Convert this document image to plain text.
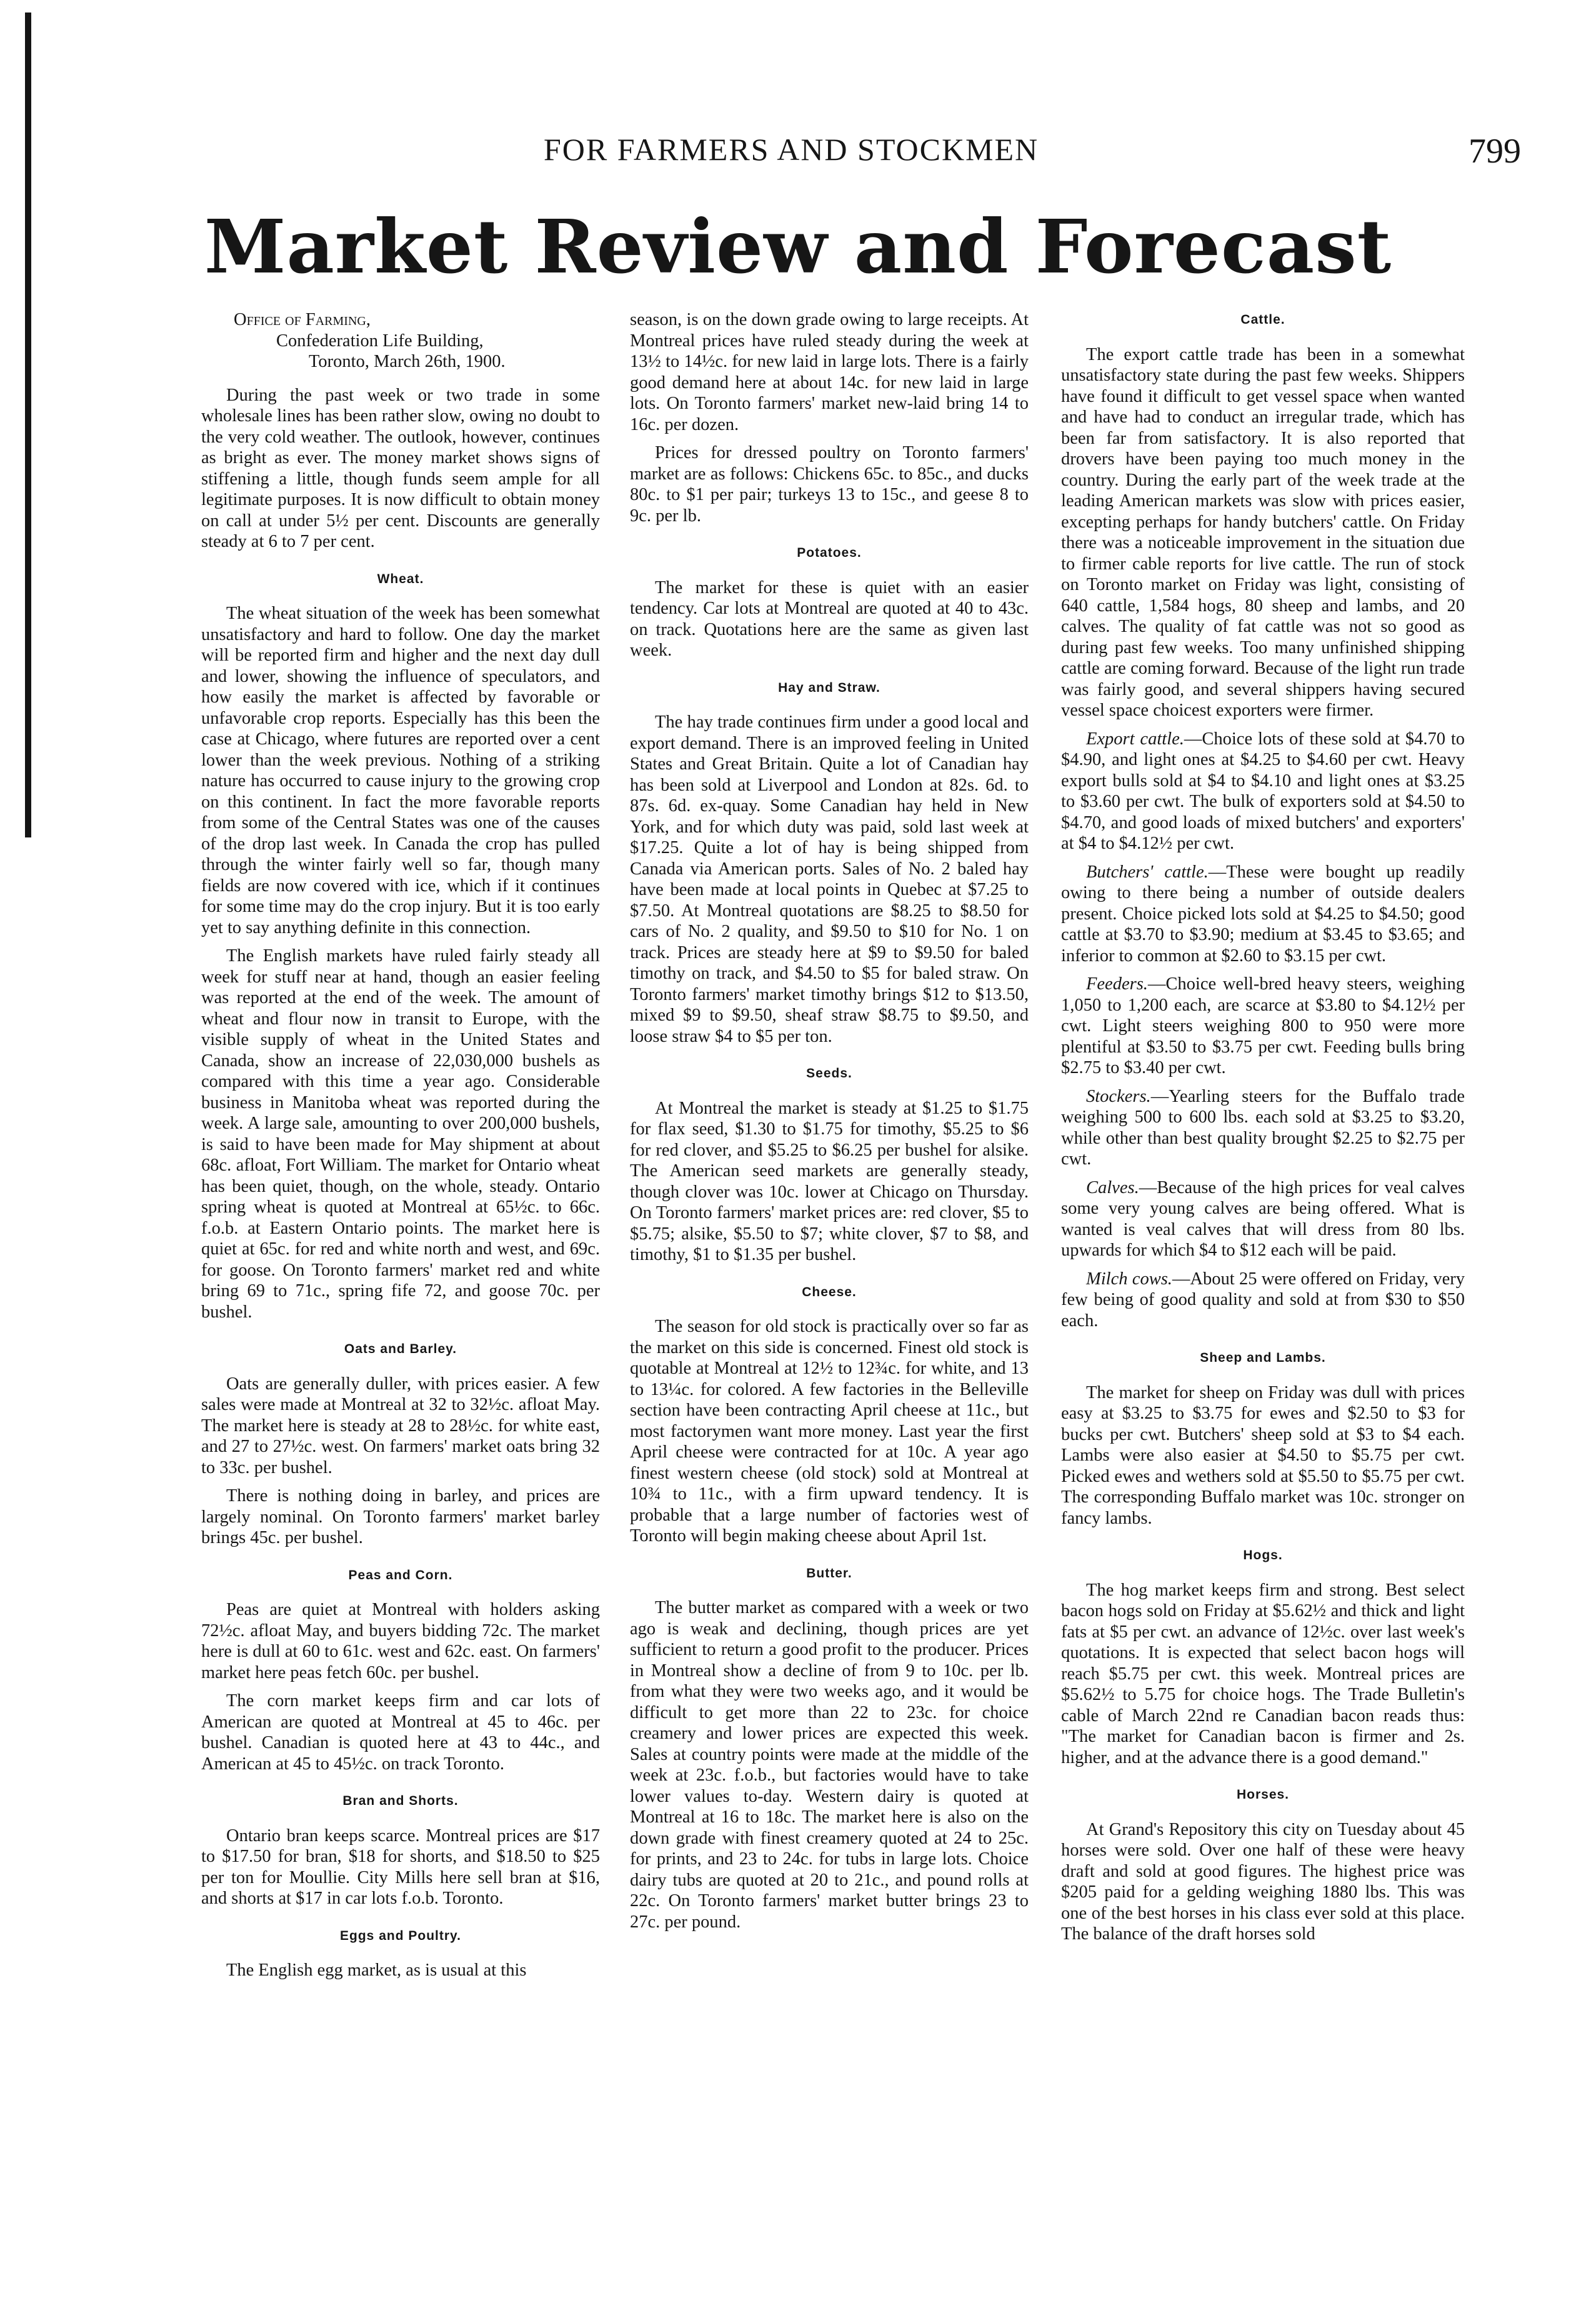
FOR FARMERS AND STOCKMEN	799
Market Review and Forecast
Office of Farming,
Confederation Life Building,
Toronto, March 26th, 1900.

During the past week or two trade in some wholesale lines has been rather slow, owing no doubt to the very cold weather. The outlook, however, continues as bright as ever. The money market shows signs of stiffening a little, though funds seem ample for all legitimate purposes. It is now difficult to obtain money on call at under 5½ per cent. Discounts are generally steady at 6 to 7 per cent.

Wheat.

The wheat situation of the week has been somewhat unsatisfactory and hard to follow. One day the market will be reported firm and higher and the next day dull and lower, showing the influence of speculators, and how easily the market is affected by favorable or unfavorable crop reports. Especially has this been the case at Chicago, where futures are reported over a cent lower than the week previous. Nothing of a striking nature has occurred to cause injury to the growing crop on this continent. In fact the more favorable reports from some of the Central States was one of the causes of the drop last week. In Canada the crop has pulled through the winter fairly well so far, though many fields are now covered with ice, which if it continues for some time may do the crop injury. But it is too early yet to say anything definite in this connection.

The English markets have ruled fairly steady all week for stuff near at hand, though an easier feeling was reported at the end of the week. The amount of wheat and flour now in transit to Europe, with the visible supply of wheat in the United States and Canada, show an increase of 22,030,000 bushels as compared with this time a year ago. Considerable business in Manitoba wheat was reported during the week. A large sale, amounting to over 200,000 bushels, is said to have been made for May shipment at about 68c. afloat, Fort William. The market for Ontario wheat has been quiet, though, on the whole, steady. Ontario spring wheat is quoted at Montreal at 65½c. to 66c. f.o.b. at Eastern Ontario points. The market here is quiet at 65c. for red and white north and west, and 69c. for goose. On Toronto farmers' market red and white bring 69 to 71c., spring fife 72, and goose 70c. per bushel.

Oats and Barley.

Oats are generally duller, with prices easier. A few sales were made at Montreal at 32 to 32½c. afloat May. The market here is steady at 28 to 28½c. for white east, and 27 to 27½c. west. On farmers' market oats bring 32 to 33c. per bushel.

There is nothing doing in barley, and prices are largely nominal. On Toronto farmers' market barley brings 45c. per bushel.

Peas and Corn.

Peas are quiet at Montreal with holders asking 72½c. afloat May, and buyers bidding 72c. The market here is dull at 60 to 61c. west and 62c. east. On farmers' market here peas fetch 60c. per bushel.

The corn market keeps firm and car lots of American are quoted at Montreal at 45 to 46c. per bushel. Canadian is quoted here at 43 to 44c., and American at 45 to 45½c. on track Toronto.

Bran and Shorts.

Ontario bran keeps scarce. Montreal prices are $17 to $17.50 for bran, $18 for shorts, and $18.50 to $25 per ton for Moullie. City Mills here sell bran at $16, and shorts at $17 in car lots f.o.b. Toronto.

Eggs and Poultry.

The English egg market, as is usual at this

season, is on the down grade owing to large receipts. At Montreal prices have ruled steady during the week at 13½ to 14½c. for new laid in large lots. There is a fairly good demand here at about 14c. for new laid in large lots. On Toronto farmers' market new-laid bring 14 to 16c. per dozen.

Prices for dressed poultry on Toronto farmers' market are as follows: Chickens 65c. to 85c., and ducks 80c. to $1 per pair; turkeys 13 to 15c., and geese 8 to 9c. per lb.

Potatoes.

The market for these is quiet with an easier tendency. Car lots at Montreal are quoted at 40 to 43c. on track. Quotations here are the same as given last week.

Hay and Straw.

The hay trade continues firm under a good local and export demand. There is an improved feeling in United States and Great Britain. Quite a lot of Canadian hay has been sold at Liverpool and London at 82s. 6d. to 87s. 6d. ex-quay. Some Canadian hay held in New York, and for which duty was paid, sold last week at $17.25. Quite a lot of hay is being shipped from Canada via American ports. Sales of No. 2 baled hay have been made at local points in Quebec at $7.25 to $7.50. At Montreal quotations are $8.25 to $8.50 for cars of No. 2 quality, and $9.50 to $10 for No. 1 on track. Prices are steady here at $9 to $9.50 for baled timothy on track, and $4.50 to $5 for baled straw. On Toronto farmers' market timothy brings $12 to $13.50, mixed $9 to $9.50, sheaf straw $8.75 to $9.50, and loose straw $4 to $5 per ton.

Seeds.

At Montreal the market is steady at $1.25 to $1.75 for flax seed, $1.30 to $1.75 for timothy, $5.25 to $6 for red clover, and $5.25 to $6.25 per bushel for alsike. The American seed markets are generally steady, though clover was 10c. lower at Chicago on Thursday. On Toronto farmers' market prices are: red clover, $5 to $5.75; alsike, $5.50 to $7; white clover, $7 to $8, and timothy, $1 to $1.35 per bushel.

Cheese.

The season for old stock is practically over so far as the market on this side is concerned. Finest old stock is quotable at Montreal at 12½ to 12¾c. for white, and 13 to 13¼c. for colored. A few factories in the Belleville section have been contracting April cheese at 11c., but most factorymen want more money. Last year the first April cheese were contracted for at 10c. A year ago finest western cheese (old stock) sold at Montreal at 10¾ to 11c., with a firm upward tendency. It is probable that a large number of factories west of Toronto will begin making cheese about April 1st.

Butter.

The butter market as compared with a week or two ago is weak and declining, though prices are yet sufficient to return a good profit to the producer. Prices in Montreal show a decline of from 9 to 10c. per lb. from what they were two weeks ago, and it would be difficult to get more than 22 to 23c. for choice creamery and lower prices are expected this week. Sales at country points were made at the middle of the week at 23c. f.o.b., but factories would have to take lower values to-day. Western dairy is quoted at Montreal at 16 to 18c. The market here is also on the down grade with finest creamery quoted at 24 to 25c. for prints, and 23 to 24c. for tubs in large lots. Choice dairy tubs are quoted at 20 to 21c., and pound rolls at 22c. On Toronto farmers' market butter brings 23 to 27c. per pound.

Cattle.

The export cattle trade has been in a somewhat unsatisfactory state during the past few weeks. Shippers have found it difficult to get vessel space when wanted and have had to conduct an irregular trade, which has been far from satisfactory. It is also reported that drovers have been paying too much money in the country. During the early part of the week trade at the leading American markets was slow with prices easier, excepting perhaps for handy butchers' cattle. On Friday there was a noticeable improvement in the situation due to firmer cable reports for live cattle. The run of stock on Toronto market on Friday was light, consisting of 640 cattle, 1,584 hogs, 80 sheep and lambs, and 20 calves. The quality of fat cattle was not so good as during past few weeks. Too many unfinished shipping cattle are coming forward. Because of the light run trade was fairly good, and several shippers having secured vessel space choicest exporters were firmer.

Export cattle.—Choice lots of these sold at $4.70 to $4.90, and light ones at $4.25 to $4.60 per cwt. Heavy export bulls sold at $4 to $4.10 and light ones at $3.25 to $3.60 per cwt. The bulk of exporters sold at $4.50 to $4.70, and good loads of mixed butchers' and exporters' at $4 to $4.12½ per cwt.

Butchers' cattle.—These were bought up readily owing to there being a number of outside dealers present. Choice picked lots sold at $4.25 to $4.50; good cattle at $3.70 to $3.90; medium at $3.45 to $3.65; and inferior to common at $2.60 to $3.15 per cwt.

Feeders.—Choice well-bred heavy steers, weighing 1,050 to 1,200 each, are scarce at $3.80 to $4.12½ per cwt. Light steers weighing 800 to 950 were more plentiful at $3.50 to $3.75 per cwt. Feeding bulls bring $2.75 to $3.40 per cwt.

Stockers.—Yearling steers for the Buffalo trade weighing 500 to 600 lbs. each sold at $3.25 to $3.20, while other than best quality brought $2.25 to $2.75 per cwt.

Calves.—Because of the high prices for veal calves some very young calves are being offered. What is wanted is veal calves that will dress from 80 lbs. upwards for which $4 to $12 each will be paid.

Milch cows.—About 25 were offered on Friday, very few being of good quality and sold at from $30 to $50 each.

Sheep and Lambs.

The market for sheep on Friday was dull with prices easy at $3.25 to $3.75 for ewes and $2.50 to $3 for bucks per cwt. Butchers' sheep sold at $3 to $4 each. Lambs were also easier at $4.50 to $5.75 per cwt. Picked ewes and wethers sold at $5.50 to $5.75 per cwt. The corresponding Buffalo market was 10c. stronger on fancy lambs.

Hogs.

The hog market keeps firm and strong. Best select bacon hogs sold on Friday at $5.62½ and thick and light fats at $5 per cwt. an advance of 12½c. over last week's quotations. It is expected that select bacon hogs will reach $5.75 per cwt. this week. Montreal prices are $5.62½ to 5.75 for choice hogs. The Trade Bulletin's cable of March 22nd re Canadian bacon reads thus: "The market for Canadian bacon is firmer and 2s. higher, and at the advance there is a good demand."

Horses.

At Grand's Repository this city on Tuesday about 45 horses were sold. Over one half of these were heavy draft and sold at good figures. The highest price was $205 paid for a gelding weighing 1880 lbs. This was one of the best horses in his class ever sold at this place. The balance of the draft horses sold
